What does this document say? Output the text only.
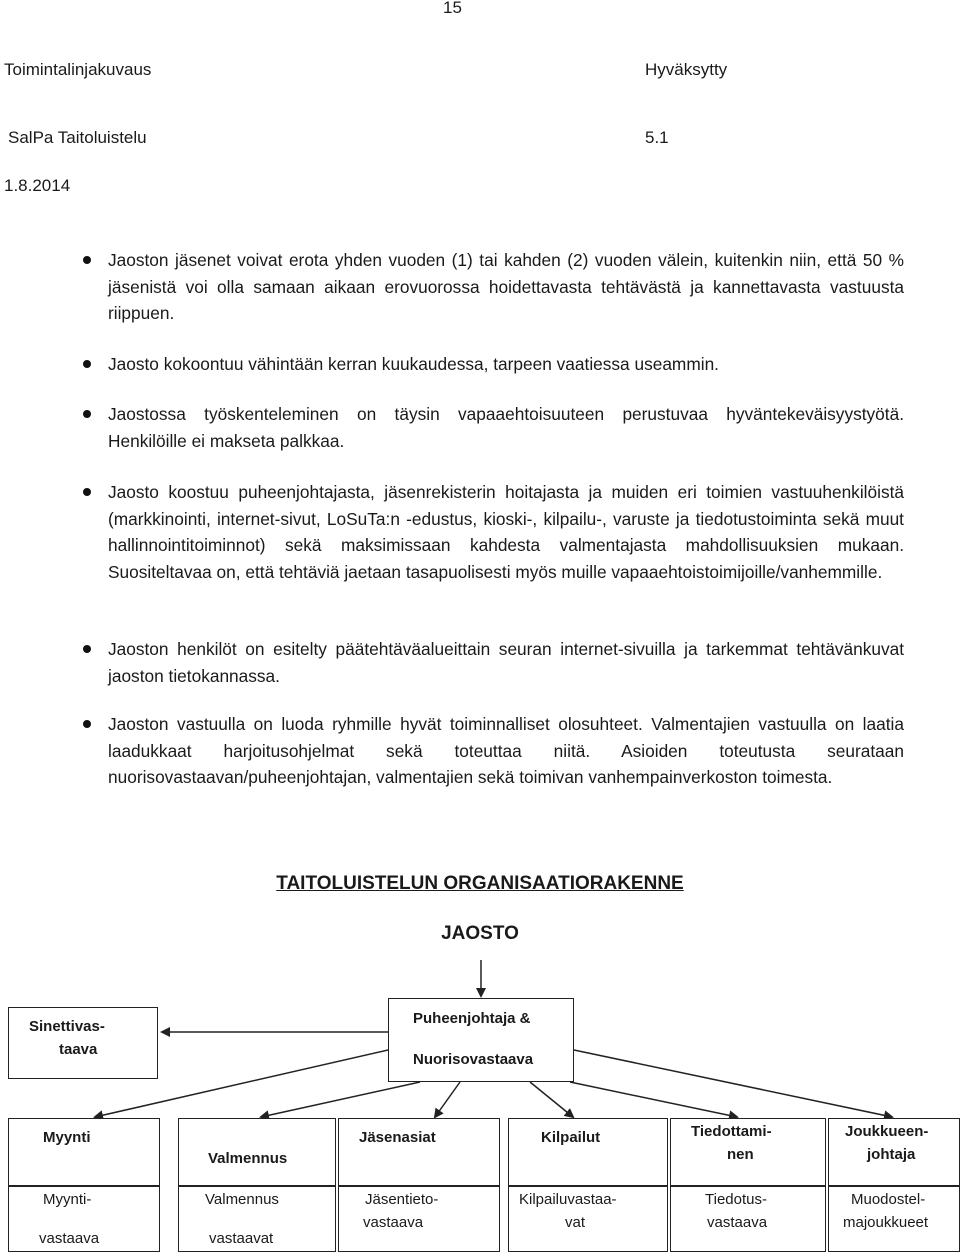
15
Toimintalinjakuvaus	Hyväksytty
SalPa Taitoluistelu	5.1
1.8.2014
Jaoston jäsenet voivat erota yhden vuoden (1) tai kahden (2) vuoden välein, kuitenkin niin, että 50 % jäsenistä voi olla samaan aikaan erovuorossa hoidettavasta tehtävästä ja kannettavasta vastuusta riippuen.
Jaosto kokoontuu vähintään kerran kuukaudessa, tarpeen vaatiessa useammin.
Jaostossa työskenteleminen on täysin vapaaehtoisuuteen perustuvaa hyväntekeväisyystyötä. Henkilöille ei makseta palkkaa.
Jaosto koostuu puheenjohtajasta, jäsenrekisterin hoitajasta ja muiden eri toimien vastuuhenkilöistä (markkinointi, internet-sivut, LoSuTa:n -edustus, kioski-, kilpailu-, varuste ja tiedotustoiminta sekä muut hallinnointitoiminnot) sekä maksimissaan kahdesta valmentajasta mahdollisuuksien mukaan. Suositeltavaa on, että tehtäviä jaetaan tasapuolisesti myös muille vapaaehtoistoimijoille/vanhemmille.
Jaoston henkilöt on esitelty päätehtäväalueittain seuran internet-sivuilla ja tarkemmat tehtävänkuvat jaoston tietokannassa.
Jaoston vastuulla on luoda ryhmille hyvät toiminnalliset olosuhteet. Valmentajien vastuulla on laatia laadukkaat harjoitusohjelmat sekä toteuttaa niitä. Asioiden toteutusta seurataan nuorisovastaavan/puheenjohtajan, valmentajien sekä toimivan vanhempainverkoston toimesta.
TAITOLUISTELUN ORGANISAATIORAKENNE
JAOSTO
Sinettivas-
taava
Puheenjohtaja &
Nuorisovastaava
Myynti
Valmennus
Jäsenasiat	Kilpailut	Tiedottami-
nen
Joukkueen-
johtaja
Myynti-
vastaava
Valmennus
vastaavat
Jäsentieto-
vastaava
Kilpailuvastaa-
vat
Tiedotus-
vastaava
Muodostel-
majoukkueet
